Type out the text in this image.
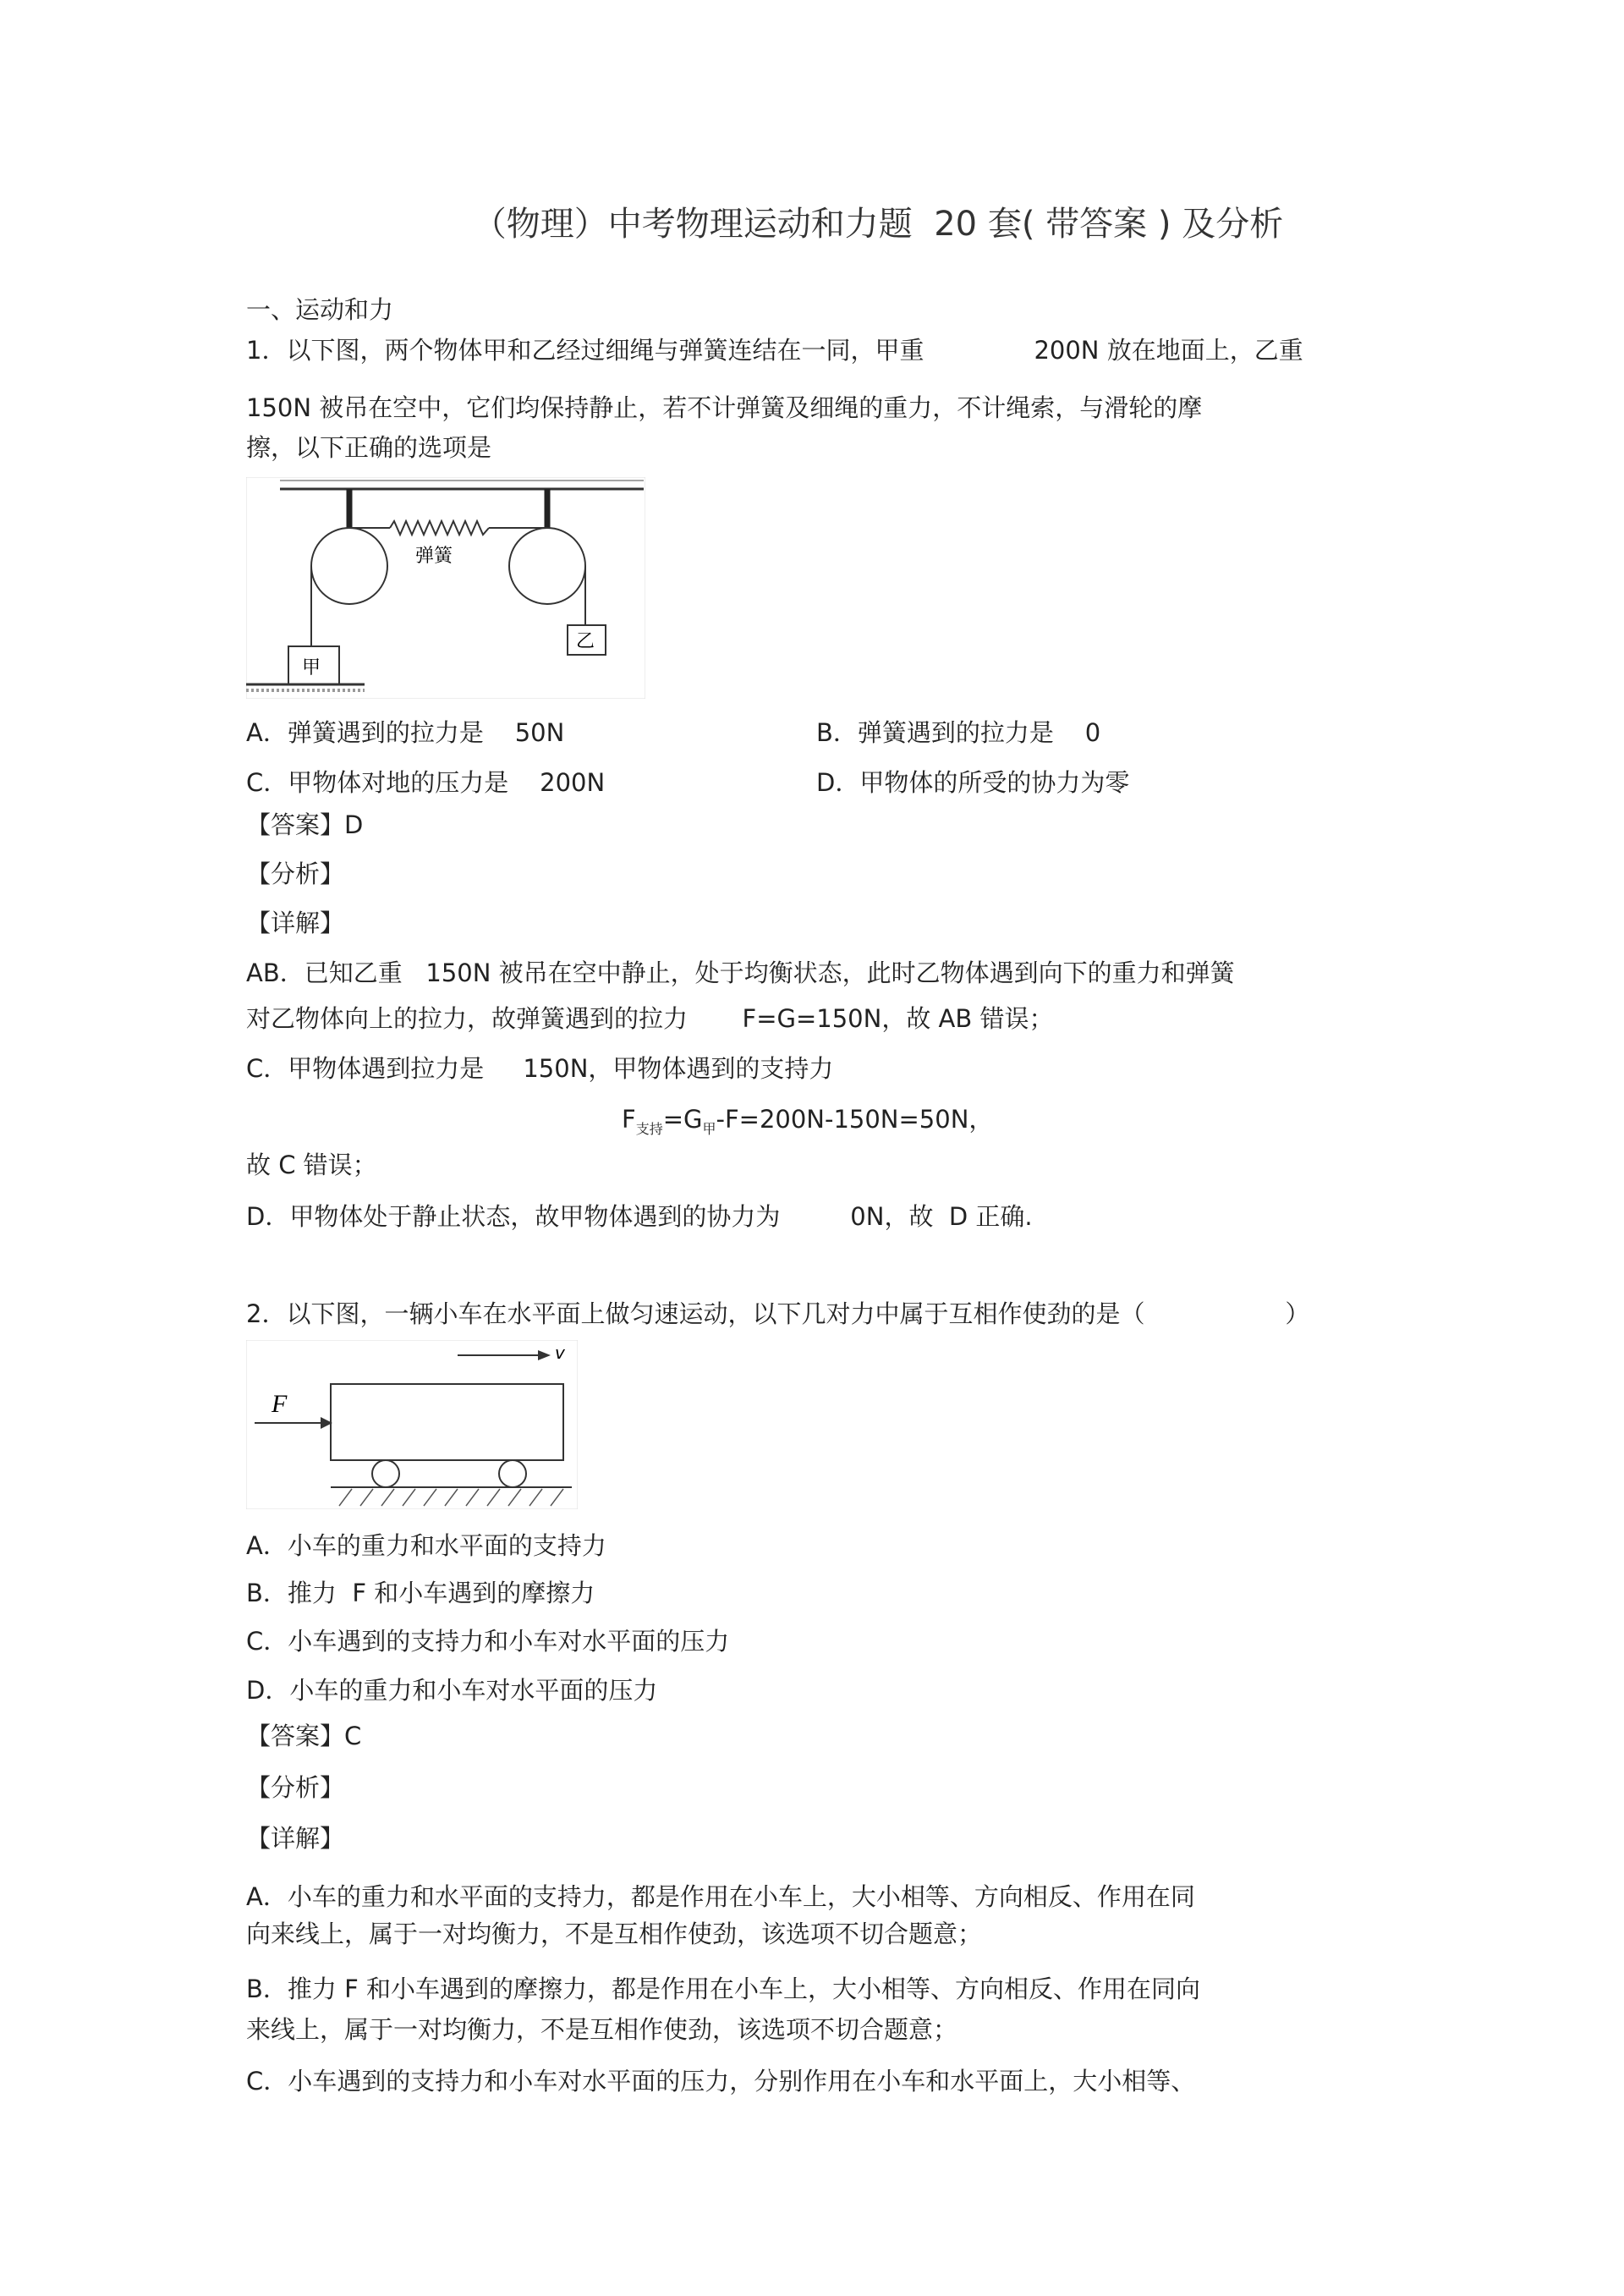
（物理）中考物理运动和力题  20 套( 带答案 ) 及分析
一、运动和力
1．以下图，两个物体甲和乙经过细绳与弹簧连结在一同，甲重	200N 放在地面上，乙重
150N 被吊在空中，它们均保持静止，若不计弹簧及细绳的重力，不计绳索，与滑轮的摩
擦，以下正确的选项是
弹簧
甲
乙
A．弹簧遇到的拉力是    50N	B．弹簧遇到的拉力是    0
C．甲物体对地的压力是    200N	D．甲物体的所受的协力为零
【答案】D
【分析】
【详解】
AB．已知乙重   150N 被吊在空中静止，处于均衡状态，此时乙物体遇到向下的重力和弹簧
对乙物体向上的拉力，故弹簧遇到的拉力       F=G=150N，故 AB 错误；
C．甲物体遇到拉力是     150N，甲物体遇到的支持力
$F_{支持}=G_甲-F=200N-150N=50N$，
故 C 错误；
D．甲物体处于静止状态，故甲物体遇到的协力为         0N，故  D 正确.
2．以下图，一辆小车在水平面上做匀速运动，以下几对力中属于互相作使劲的是（                  ）
v
F
A．小车的重力和水平面的支持力
B．推力  F 和小车遇到的摩擦力
C．小车遇到的支持力和小车对水平面的压力
D．小车的重力和小车对水平面的压力
【答案】C
【分析】
【详解】
A．小车的重力和水平面的支持力，都是作用在小车上，大小相等、方向相反、作用在同
向来线上，属于一对均衡力，不是互相作使劲，该选项不切合题意；
B．推力 F 和小车遇到的摩擦力，都是作用在小车上，大小相等、方向相反、作用在同向
来线上，属于一对均衡力，不是互相作使劲，该选项不切合题意；
C．小车遇到的支持力和小车对水平面的压力，分别作用在小车和水平面上，大小相等、
